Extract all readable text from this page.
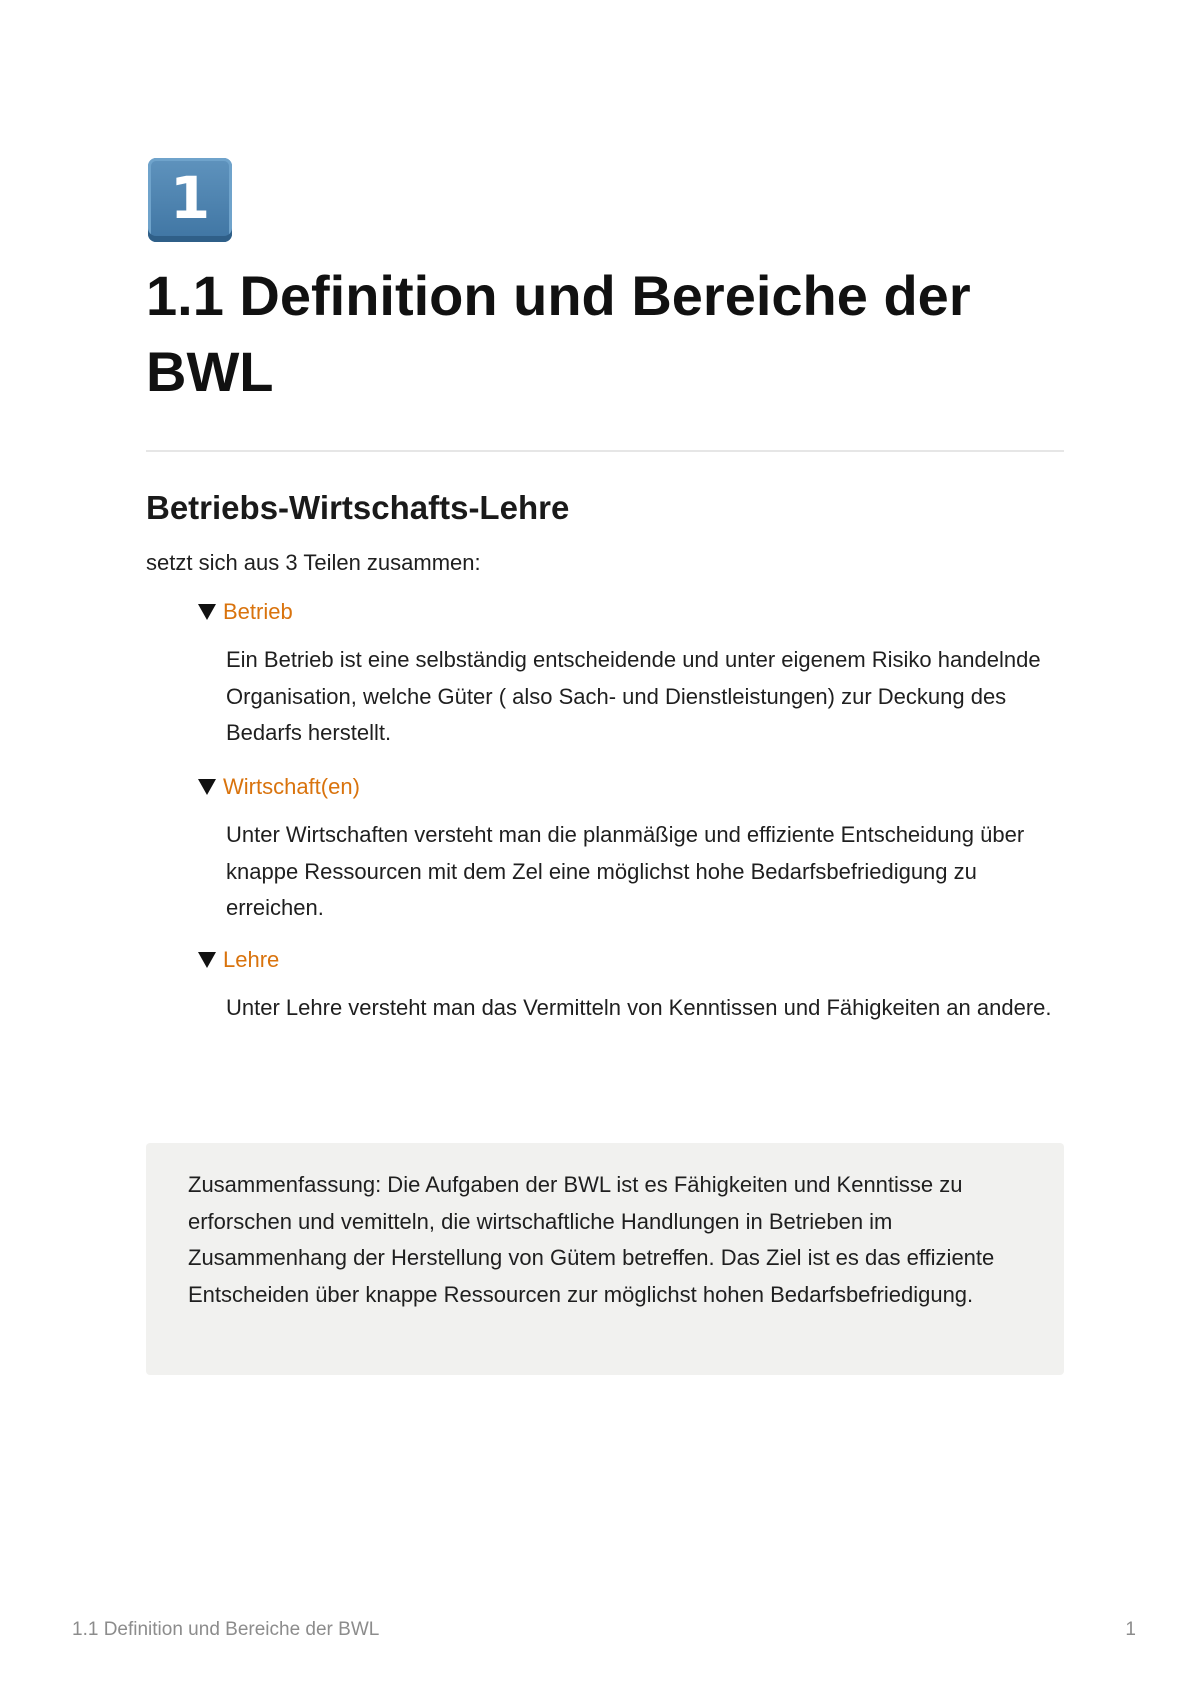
1
1.1 Definition und Bereiche der BWL
Betriebs-Wirtschafts-Lehre

setzt sich aus 3 Teilen zusammen:

Betrieb
Ein Betrieb ist eine selbständig entscheidende und unter eigenem Risiko handelnde Organisation, welche Güter ( also Sach- und Dienstleistungen) zur Deckung des Bedarfs herstellt.
Wirtschaft(en)
Unter Wirtschaften versteht man die planmäßige und effiziente Entscheidung über knappe Ressourcen mit dem Zel eine möglichst hohe Bedarfsbefriedigung zu erreichen.
Lehre
Unter Lehre versteht man das Vermitteln von Kenntissen und Fähigkeiten an andere.
Zusammenfassung: Die Aufgaben der BWL ist es Fähigkeiten und Kenntisse zu erforschen und vemitteln, die wirtschaftliche Handlungen in Betrieben im Zusammenhang der Herstellung von Gütem betreffen. Das Ziel ist es das effiziente Entscheiden über knappe Ressourcen zur möglichst hohen Bedarfsbefriedigung.
1.1 Definition und Bereiche der BWL	1
